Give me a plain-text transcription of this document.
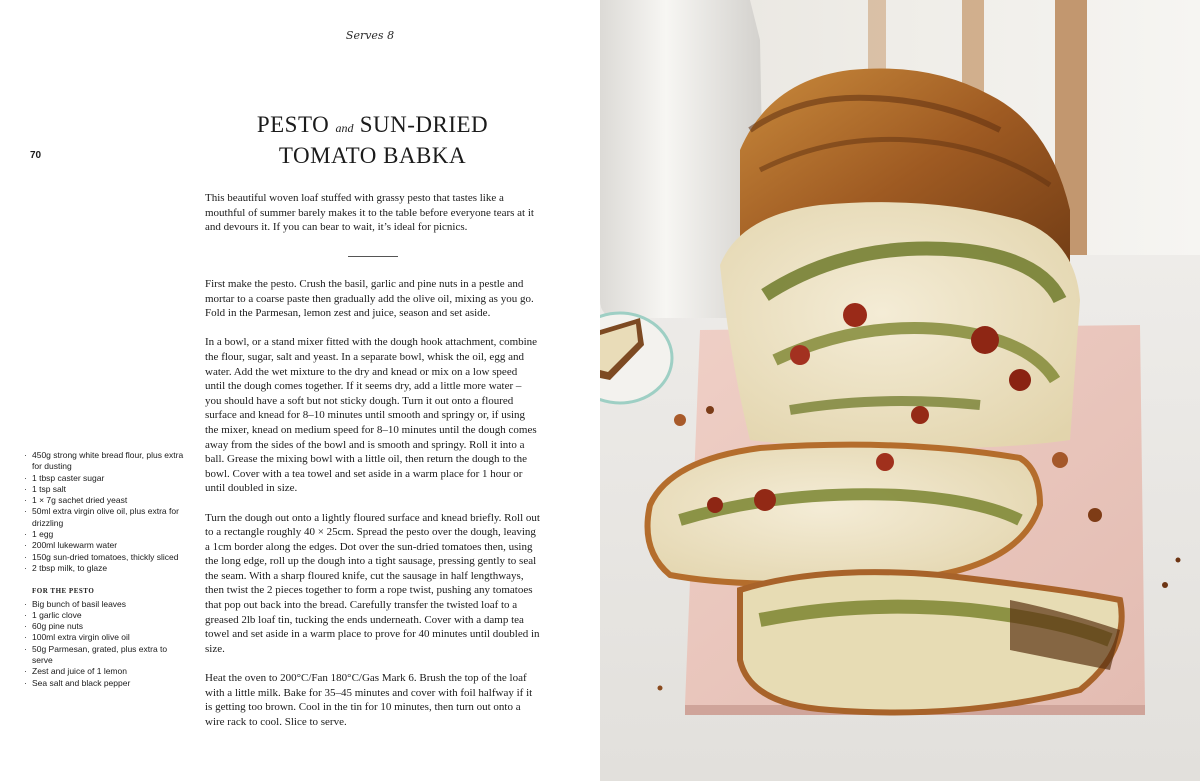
Serves 8
70
PESTO and SUN-DRIED
TOMATO BABKA
This beautiful woven loaf stuffed with grassy pesto that tastes like a mouthful of summer barely makes it to the table before everyone tears at it and devours it. If you can bear to wait, it’s ideal for picnics.

First make the pesto. Crush the basil, garlic and pine nuts in a pestle and mortar to a coarse paste then gradually add the olive oil, mixing as you go. Fold in the Parmesan, lemon zest and juice, season and set aside.

In a bowl, or a stand mixer fitted with the dough hook attachment, combine the flour, sugar, salt and yeast. In a separate bowl, whisk the oil, egg and water. Add the wet mixture to the dry and knead or mix on a low speed until the dough comes together. If it seems dry, add a little more water – you should have a soft but not sticky dough. Turn it out onto a floured surface and knead for 8–10 minutes until smooth and springy or, if using the mixer, knead on medium speed for 8–10 minutes until the dough comes away from the sides of the bowl and is smooth and springy. Roll it into a ball. Grease the mixing bowl with a little oil, then return the dough to the bowl. Cover with a tea towel and set aside in a warm place for 1 hour or until doubled in size.

Turn the dough out onto a lightly floured surface and knead briefly. Roll out to a rectangle roughly 40 × 25cm. Spread the pesto over the dough, leaving a 1cm border along the edges. Dot over the sun-dried tomatoes then, using the long edge, roll up the dough into a tight sausage, pressing gently to seal the seam. With a sharp floured knife, cut the sausage in half lengthways, then twist the 2 pieces together to form a rope twist, pushing any tomatoes that pop out back into the bread. Carefully transfer the twisted loaf to a greased 2lb loaf tin, tucking the ends underneath. Cover with a damp tea towel and set aside in a warm place to prove for 40 minutes until doubled in size.

Heat the oven to 200°C/Fan 180°C/Gas Mark 6. Brush the top of the loaf with a little milk. Bake for 35–45 minutes and cover with foil halfway if it is getting too brown. Cool in the tin for 10 minutes, then turn out onto a wire rack to cool. Slice to serve.

· 450g strong white bread flour, plus extra for dusting
· 1 tbsp caster sugar
· 1 tsp salt
· 1 × 7g sachet dried yeast
· 50ml extra virgin olive oil, plus extra for drizzling
· 1 egg
· 200ml lukewarm water
· 150g sun-dried tomatoes, thickly sliced
· 2 tbsp milk, to glaze
FOR THE PESTO
· Big bunch of basil leaves
· 1 garlic clove
· 60g pine nuts
· 100ml extra virgin olive oil
· 50g Parmesan, grated, plus extra to serve
· Zest and juice of 1 lemon
· Sea salt and black pepper
